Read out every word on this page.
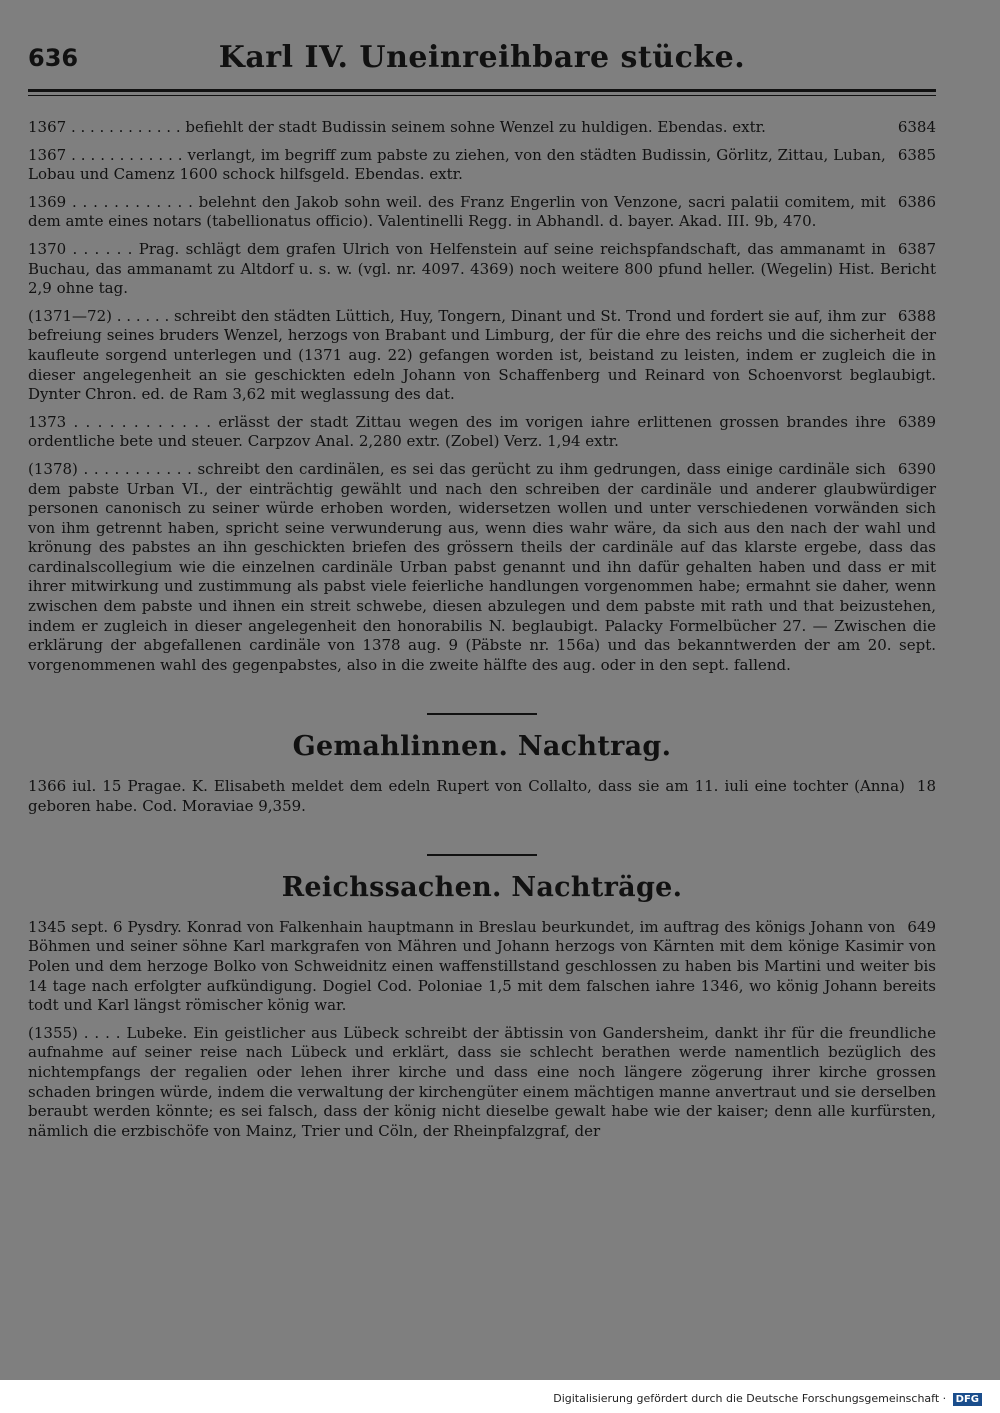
636	Karl IV. Uneinreihbare stücke.
6384
1367 . . . . . . . . . . . . befiehlt der stadt Budissin seinem sohne Wenzel zu huldigen. Ebendas. extr.
6385
1367 . . . . . . . . . . . . verlangt, im begriff zum pabste zu ziehen, von den städten Budissin, Görlitz, Zittau, Luban, Lobau und Camenz 1600 schock hilfsgeld. Ebendas. extr.
6386
1369 . . . . . . . . . . . . belehnt den Jakob sohn weil. des Franz Engerlin von Venzone, sacri palatii comitem, mit dem amte eines notars (tabellionatus officio). Valentinelli Regg. in Abhandl. d. bayer. Akad. III. 9b, 470.
6387
1370 . . . . . . Prag. schlägt dem grafen Ulrich von Helfenstein auf seine reichspfandschaft, das ammanamt in Buchau, das ammanamt zu Altdorf u. s. w. (vgl. nr. 4097. 4369) noch weitere 800 pfund heller. (Wegelin) Hist. Bericht 2,9 ohne tag.
6388
(1371—72) . . . . . . schreibt den städten Lüttich, Huy, Tongern, Dinant und St. Trond und fordert sie auf, ihm zur befreiung seines bruders Wenzel, herzogs von Brabant und Limburg, der für die ehre des reichs und die sicherheit der kaufleute sorgend unterlegen und (1371 aug. 22) gefangen worden ist, beistand zu leisten, indem er zugleich die in dieser angelegenheit an sie geschickten edeln Johann von Schaffenberg und Reinard von Schoenvorst beglaubigt. Dynter Chron. ed. de Ram 3,62 mit weglassung des dat.
6389
1373 . . . . . . . . . . . . erlässt der stadt Zittau wegen des im vorigen iahre erlittenen grossen brandes ihre ordentliche bete und steuer. Carpzov Anal. 2,280 extr. (Zobel) Verz. 1,94 extr.
6390
(1378) . . . . . . . . . . . schreibt den cardinälen, es sei das gerücht zu ihm gedrungen, dass einige cardinäle sich dem pabste Urban VI., der einträchtig gewählt und nach den schreiben der cardinäle und anderer glaubwürdiger personen canonisch zu seiner würde erhoben worden, widersetzen wollen und unter verschiedenen vorwänden sich von ihm getrennt haben, spricht seine verwunderung aus, wenn dies wahr wäre, da sich aus den nach der wahl und krönung des pabstes an ihn geschickten briefen des grössern theils der cardinäle auf das klarste ergebe, dass das cardinalscollegium wie die einzelnen cardinäle Urban pabst genannt und ihn dafür gehalten haben und dass er mit ihrer mitwirkung und zustimmung als pabst viele feierliche handlungen vorgenommen habe; ermahnt sie daher, wenn zwischen dem pabste und ihnen ein streit schwebe, diesen abzulegen und dem pabste mit rath und that beizustehen, indem er zugleich in dieser angelegenheit den honorabilis N. beglaubigt. Palacky Formelbücher 27. — Zwischen die erklärung der abgefallenen cardinäle von 1378 aug. 9 (Päbste nr. 156a) und das bekanntwerden der am 20. sept. vorgenommenen wahl des gegenpabstes, also in die zweite hälfte des aug. oder in den sept. fallend.
Gemahlinnen. Nachtrag.
18
1366 iul. 15 Pragae. K. Elisabeth meldet dem edeln Rupert von Collalto, dass sie am 11. iuli eine tochter (Anna) geboren habe. Cod. Moraviae 9,359.
Reichssachen. Nachträge.
649
1345 sept. 6 Pysdry. Konrad von Falkenhain hauptmann in Breslau beurkundet, im auftrag des königs Johann von Böhmen und seiner söhne Karl markgrafen von Mähren und Johann herzogs von Kärnten mit dem könige Kasimir von Polen und dem herzoge Bolko von Schweidnitz einen waffenstillstand geschlossen zu haben bis Martini und weiter bis 14 tage nach erfolgter aufkündigung. Dogiel Cod. Poloniae 1,5 mit dem falschen iahre 1346, wo könig Johann bereits todt und Karl längst römischer könig war.
(1355) . . . . Lubeke. Ein geistlicher aus Lübeck schreibt der äbtissin von Gandersheim, dankt ihr für die freundliche aufnahme auf seiner reise nach Lübeck und erklärt, dass sie schlecht berathen werde namentlich bezüglich des nichtempfangs der regalien oder lehen ihrer kirche und dass eine noch längere zögerung ihrer kirche grossen schaden bringen würde, indem die verwaltung der kirchengüter einem mächtigen manne anvertraut und sie derselben beraubt werden könnte; es sei falsch, dass der könig nicht dieselbe gewalt habe wie der kaiser; denn alle kurfürsten, nämlich die erzbischöfe von Mainz, Trier und Cöln, der Rheinpfalzgraf, der
Digitalisierung gefördert durch die Deutsche Forschungsgemeinschaft · DFG
